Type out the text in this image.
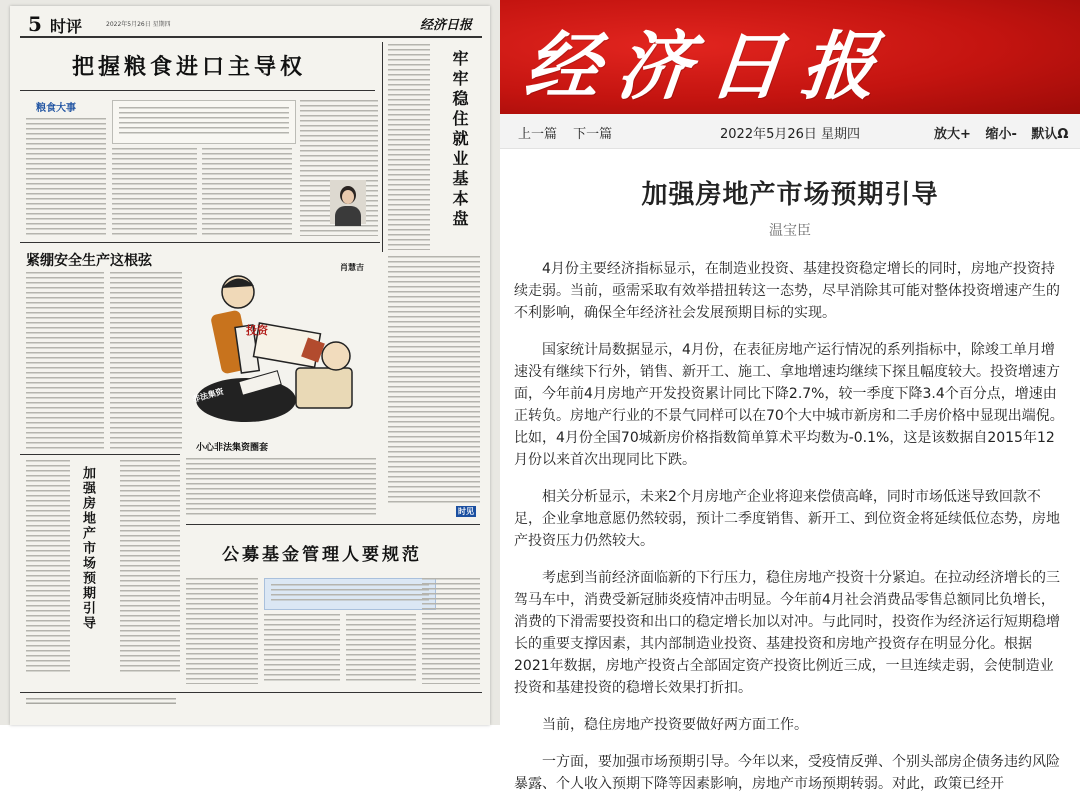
5 时评	2022年5月26日 星期四	经济日报
把握粮食进口主导权
粮食大事	牢牢稳住就业基本盘
紧绷安全生产这根弦	肖慧吉
投资
非法集资
小心非法集资圈套
时见
加强房地产市场预期引导	公募基金管理人要规范
经济日报
上一篇 下一篇	2022年5月26日 星期四	放大+ 缩小- 默认Ω
加强房地产市场预期引导
温宝臣

4月份主要经济指标显示，在制造业投资、基建投资稳定增长的同时，房地产投资持续走弱。当前，亟需采取有效举措扭转这一态势，尽早消除其可能对整体投资增速产生的不利影响，确保全年经济社会发展预期目标的实现。

国家统计局数据显示，4月份，在表征房地产运行情况的系列指标中，除竣工单月增速没有继续下行外，销售、新开工、施工、拿地增速均继续下探且幅度较大。投资增速方面，今年前4月房地产开发投资累计同比下降2.7%，较一季度下降3.4个百分点，增速由正转负。房地产行业的不景气同样可以在70个大中城市新房和二手房价格中显现出端倪。比如，4月份全国70城新房价格指数简单算术平均数为-0.1%，这是该数据自2015年12月份以来首次出现同比下跌。

相关分析显示，未来2个月房地产企业将迎来偿债高峰，同时市场低迷导致回款不足，企业拿地意愿仍然较弱，预计二季度销售、新开工、到位资金将延续低位态势，房地产投资压力仍然较大。

考虑到当前经济面临新的下行压力，稳住房地产投资十分紧迫。在拉动经济增长的三驾马车中，消费受新冠肺炎疫情冲击明显。今年前4月社会消费品零售总额同比负增长，消费的下滑需要投资和出口的稳定增长加以对冲。与此同时，投资作为经济运行短期稳增长的重要支撑因素，其内部制造业投资、基建投资和房地产投资存在明显分化。根据2021年数据，房地产投资占全部固定资产投资比例近三成，一旦连续走弱，会使制造业投资和基建投资的稳增长效果打折扣。

当前，稳住房地产投资要做好两方面工作。

一方面，要加强市场预期引导。今年以来，受疫情反弹、个别头部房企债务违约风险暴露、个人收入预期下降等因素影响，房地产市场预期转弱。对此，政策已经开
